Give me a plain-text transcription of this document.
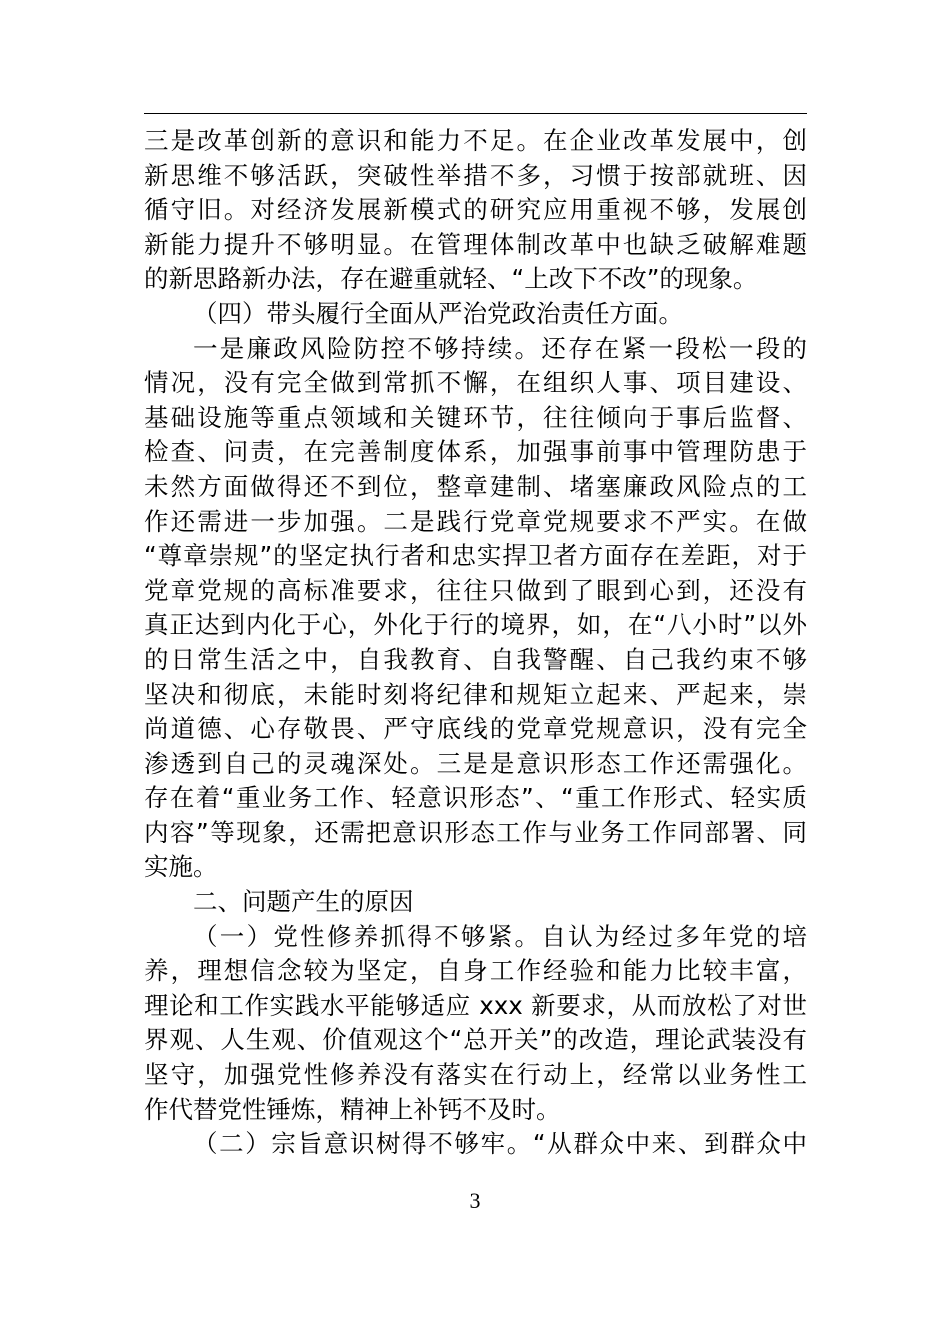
三是改革创新的意识和能力不足。在企业改革发展中，创
新思维不够活跃，突破性举措不多，习惯于按部就班、因
循守旧。对经济发展新模式的研究应用重视不够，发展创
新能力提升不够明显。在管理体制改革中也缺乏破解难题
的新思路新办法，存在避重就轻、“上改下不改”的现象。
（四）带头履行全面从严治党政治责任方面。
一是廉政风险防控不够持续。还存在紧一段松一段的
情况，没有完全做到常抓不懈，在组织人事、项目建设、
基础设施等重点领域和关键环节，往往倾向于事后监督、
检查、问责，在完善制度体系，加强事前事中管理防患于
未然方面做得还不到位，整章建制、堵塞廉政风险点的工
作还需进一步加强。二是践行党章党规要求不严实。在做
“尊章崇规”的坚定执行者和忠实捍卫者方面存在差距，对于
党章党规的高标准要求，往往只做到了眼到心到，还没有
真正达到内化于心，外化于行的境界，如，在“八小时”以外
的日常生活之中，自我教育、自我警醒、自己我约束不够
坚决和彻底，未能时刻将纪律和规矩立起来、严起来，崇
尚道德、心存敬畏、严守底线的党章党规意识，没有完全
渗透到自己的灵魂深处。三是是意识形态工作还需强化。
存在着“重业务工作、轻意识形态”、“重工作形式、轻实质
内容”等现象，还需把意识形态工作与业务工作同部署、同
实施。
二、问题产生的原因
（一）党性修养抓得不够紧。自认为经过多年党的培
养，理想信念较为坚定，自身工作经验和能力比较丰富，
理论和工作实践水平能够适应 xxx 新要求，从而放松了对世
界观、人生观、价值观这个“总开关”的改造，理论武装没有
坚守，加强党性修养没有落实在行动上，经常以业务性工
作代替党性锤炼，精神上补钙不及时。
（二）宗旨意识树得不够牢。“从群众中来、到群众中
3
